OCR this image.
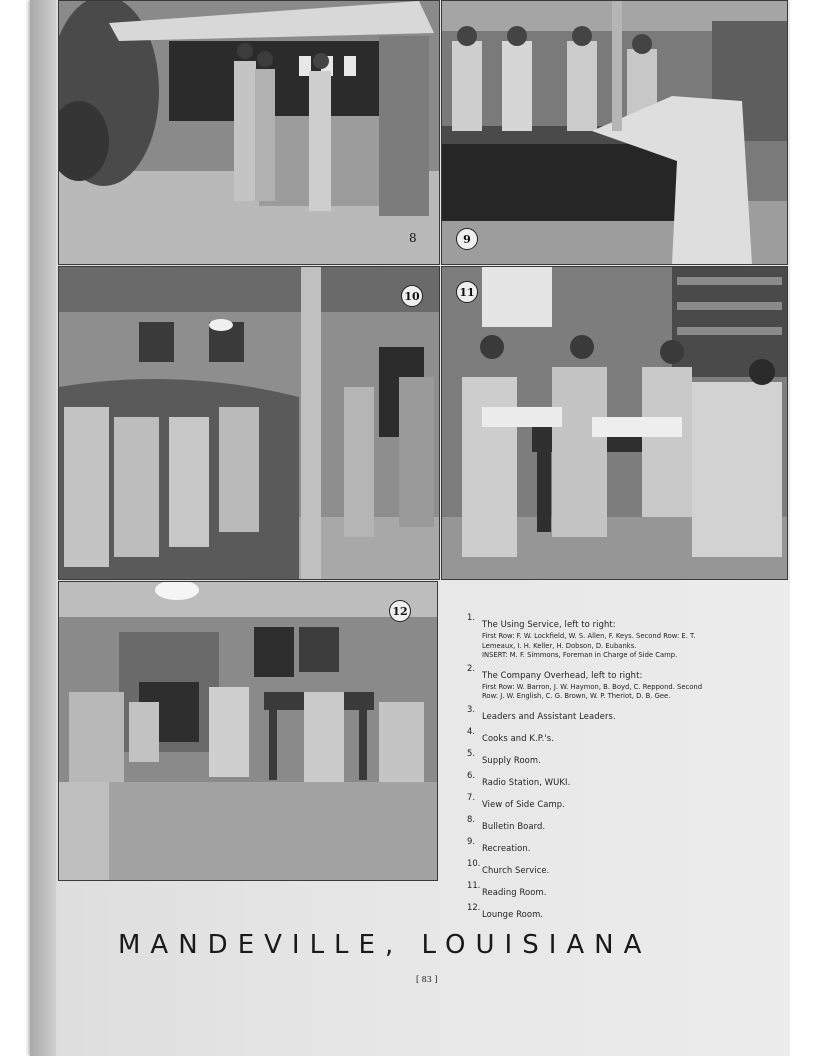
8	9
10	11
12	1.
The Using Service, left to right:
First Row: F. W. Lockfield, W. S. Allen, F. Keys. Second Row: E. T.
Lemeaux, I. H. Keller, H. Dobson, D. Eubanks.
INSERT: M. F. Simmons, Foreman in Charge of Side Camp.
2.
The Company Overhead, left to right:
First Row: W. Barron, J. W. Haymon, B. Boyd, C. Reppond. Second
Row: J. W. English, C. G. Brown, W. P. Theriot, D. B. Gee.
3.
Leaders and Assistant Leaders.
4.
Cooks and K.P.'s.
5.
Supply Room.
6.
Radio Station, WUKI.
7.
View of Side Camp.
8.
Bulletin Board.
9.
Recreation.
10.
Church Service.
11.
Reading Room.
12.
Lounge Room.
MANDEVILLE, LOUISIANA
[ 83 ]
